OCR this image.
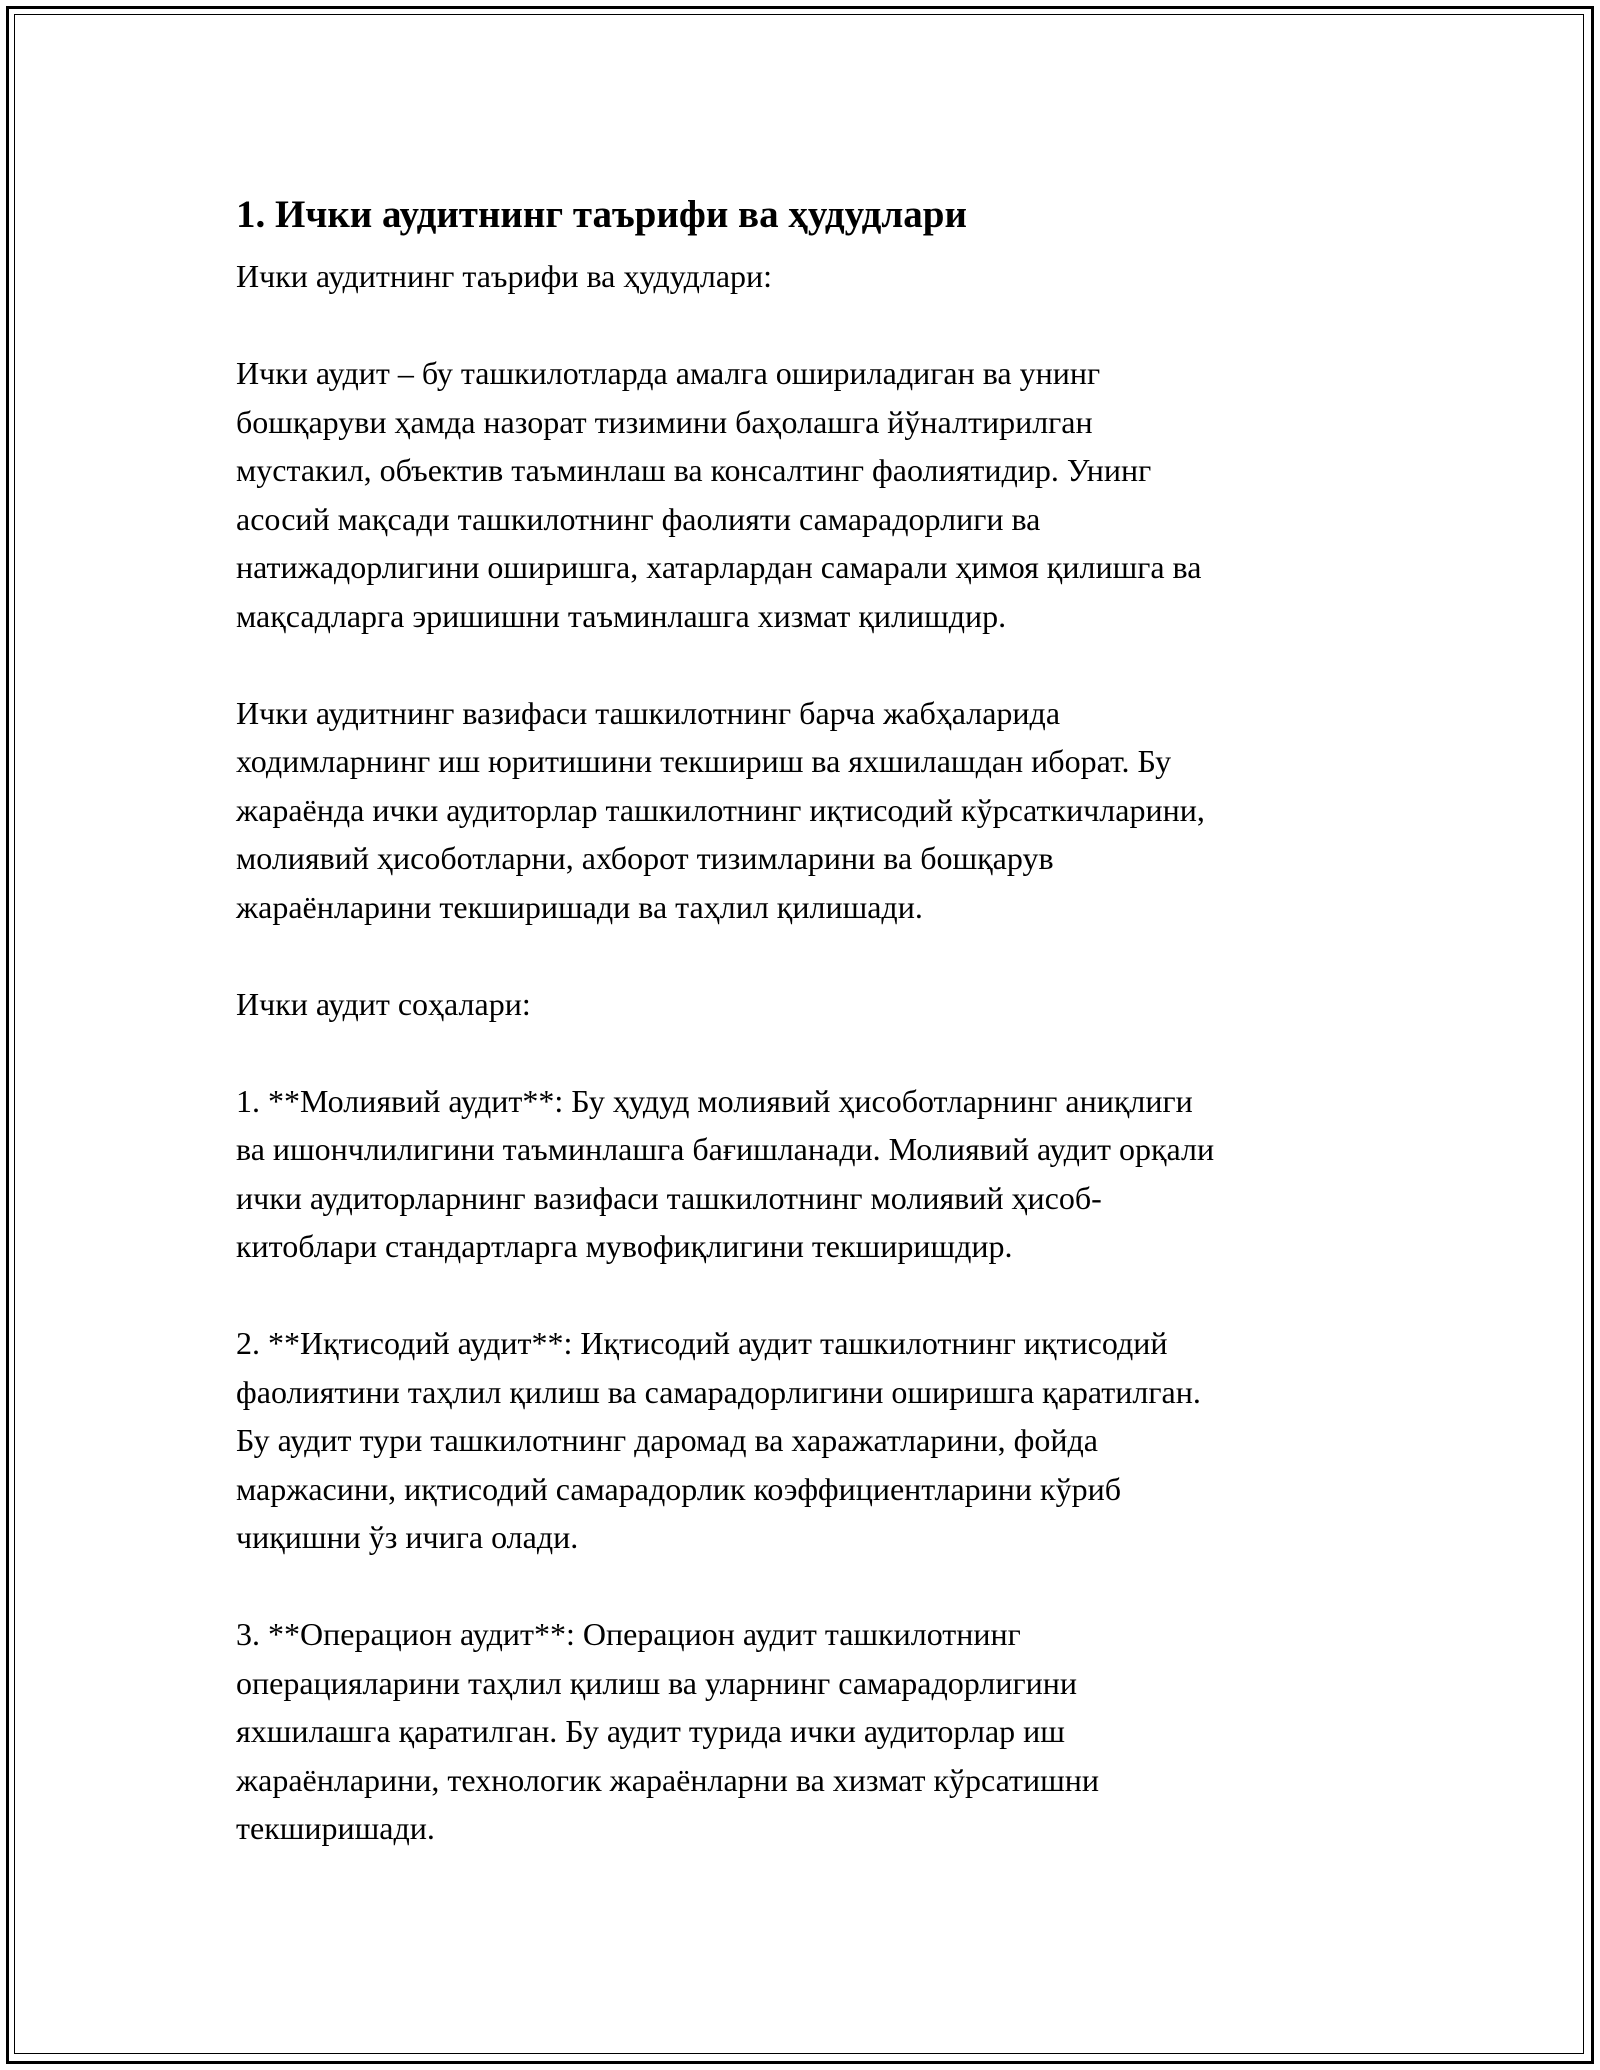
1. Ички аудитнинг таърифи ва ҳудудлари

Ички аудитнинг таърифи ва ҳудудлари:

Ички аудит – бу ташкилотларда амалга ошириладиган ва унинг

бошқаруви ҳамда назорат тизимини баҳолашга йўналтирилган

мустакил, объектив таъминлаш ва консалтинг фаолиятидир. Унинг

асосий мақсади ташкилотнинг фаолияти самарадорлиги ва

натижадорлигини оширишга, хатарлардан самарали ҳимоя қилишга ва

мақсадларга эришишни таъминлашга хизмат қилишдир.

Ички аудитнинг вазифаси ташкилотнинг барча жабҳаларида

ходимларнинг иш юритишини текшириш ва яхшилашдан иборат. Бу

жараёнда ички аудиторлар ташкилотнинг иқтисодий кўрсаткичларини,

молиявий ҳисоботларни, ахборот тизимларини ва бошқарув

жараёнларини текширишади ва таҳлил қилишади.

Ички аудит соҳалари:

1. **Молиявий аудит**: Бу ҳудуд молиявий ҳисоботларнинг аниқлиги

ва ишончлилигини таъминлашга бағишланади. Молиявий аудит орқали

ички аудиторларнинг вазифаси ташкилотнинг молиявий ҳисоб-

китоблари стандартларга мувофиқлигини текширишдир.

2. **Иқтисодий аудит**: Иқтисодий аудит ташкилотнинг иқтисодий

фаолиятини таҳлил қилиш ва самарадорлигини оширишга қаратилган.

Бу аудит тури ташкилотнинг даромад ва харажатларини, фойда

маржасини, иқтисодий самарадорлик коэффициентларини кўриб

чиқишни ўз ичига олади.

3. **Операцион аудит**: Операцион аудит ташкилотнинг

операцияларини таҳлил қилиш ва уларнинг самарадорлигини

яхшилашга қаратилган. Бу аудит турида ички аудиторлар иш

жараёнларини, технологик жараёнларни ва хизмат кўрсатишни

текширишади.
